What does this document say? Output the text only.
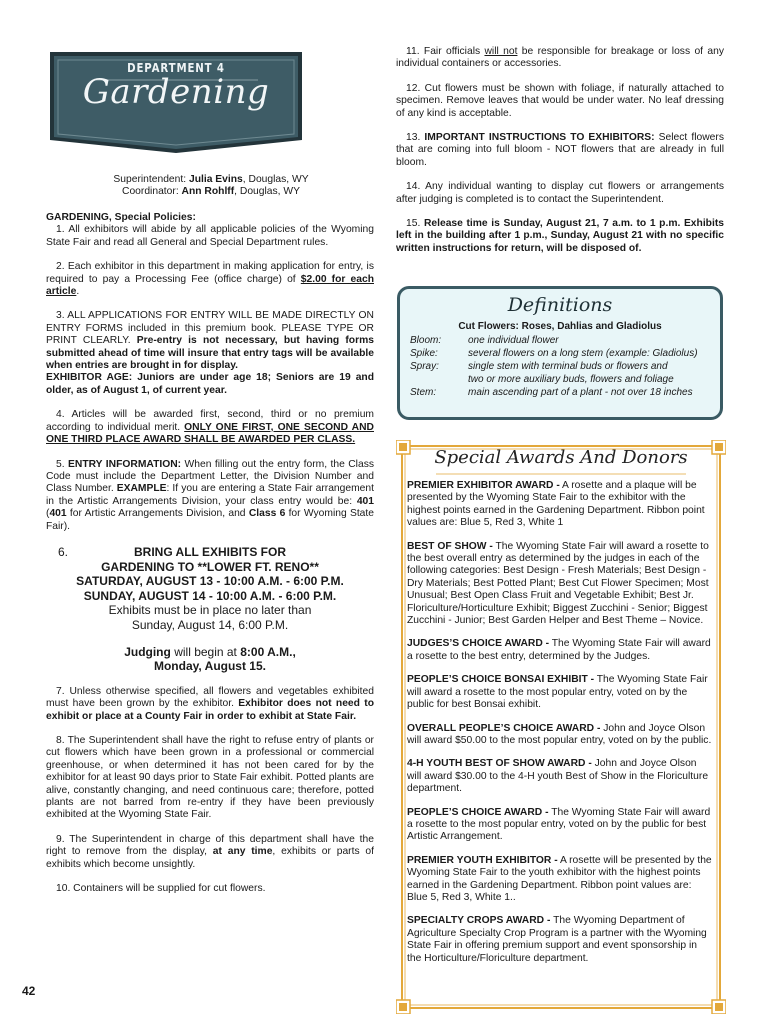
DEPARTMENT 4
Gardening

Superintendent: Julia Evins, Douglas, WY

Coordinator: Ann Rohlff, Douglas, WY

GARDENING, Special Policies:

1. All exhibitors will abide by all applicable policies of the Wyoming State Fair and read all General and Special Department rules.

2. Each exhibitor in this department in making application for entry, is required to pay a Processing Fee (office charge) of $2.00 for each article.

3. ALL APPLICATIONS FOR ENTRY WILL BE MADE DIRECTLY ON ENTRY FORMS included in this premium book. PLEASE TYPE OR PRINT CLEARLY. Pre-entry is not necessary, but having forms submitted ahead of time will insure that entry tags will be available when entries are brought in for display.
EXHIBITOR AGE: Juniors are under age 18; Seniors are 19 and older, as of August 1, of current year.

4. Articles will be awarded first, second, third or no premium according to individual merit. ONLY ONE FIRST, ONE SECOND AND ONE THIRD PLACE AWARD SHALL BE AWARDED PER CLASS.

5. ENTRY INFORMATION: When filling out the entry form, the Class Code must include the Department Letter, the Division Number and Class Number. EXAMPLE: If you are entering a State Fair arrangement in the Artistic Arrangements Division, your class entry would be: 401 (401 for Artistic Arrangements Division, and Class 6 for Wyoming State Fair).

6.	BRING ALL EXHIBITS FOR
GARDENING TO **LOWER FT. RENO**
SATURDAY, AUGUST 13 - 10:00 A.M. - 6:00 P.M.
SUNDAY, AUGUST 14 - 10:00 A.M. - 6:00 P.M.
Exhibits must be in place no later than
Sunday, August 14, 6:00 P.M.
Judging will begin at 8:00 A.M.,
Monday, August 15.

7. Unless otherwise specified, all flowers and vegetables exhibited must have been grown by the exhibitor. Exhibitor does not need to exhibit or place at a County Fair in order to exhibit at State Fair.

8. The Superintendent shall have the right to refuse entry of plants or cut flowers which have been grown in a professional or commercial greenhouse, or when determined it has not been cared for by the exhibitor for at least 90 days prior to State Fair exhibit. Potted plants are alive, constantly changing, and need continuous care; therefore, potted plants are not barred from re-entry if they have been previously exhibited at the Wyoming State Fair.

9. The Superintendent in charge of this department shall have the right to remove from the display, at any time, exhibits or parts of exhibits which become unsightly.

10. Containers will be supplied for cut flowers.

11. Fair officials will not be responsible for breakage or loss of any individual containers or accessories.

12. Cut flowers must be shown with foliage, if naturally attached to specimen. Remove leaves that would be under water. No leaf dressing of any kind is acceptable.

13. IMPORTANT INSTRUCTIONS TO EXHIBITORS: Select flowers that are coming into full bloom - NOT flowers that are already in full bloom.

14. Any individual wanting to display cut flowers or arrangements after judging is completed is to contact the Superintendent.

15. Release time is Sunday, August 21, 7 a.m. to 1 p.m. Exhibits left in the building after 1 p.m., Sunday, August 21 with no specific written instructions for return, will be disposed of.

Definitions
Cut Flowers: Roses, Dahlias and Gladiolus
Bloom:	one individual flower
Spike:	several flowers on a long stem (example: Gladiolus)
Spray:	single stem with terminal buds or flowers and
two or more auxiliary buds, flowers and foliage
Stem:	main ascending part of a plant - not over 18 inches
Special Awards And Donors

PREMIER EXHIBITOR AWARD - A rosette and a plaque will be presented by the Wyoming State Fair to the exhibitor with the highest points earned in the Gardening Department. Ribbon point values are: Blue 5, Red 3, White 1

BEST OF SHOW - The Wyoming State Fair will award a rosette to the best overall entry as determined by the judges in each of the following categories: Best Design - Fresh Materials; Best Design - Dry Materials; Best Potted Plant; Best Cut Flower Specimen; Most Unusual; Best Open Class Fruit and Vegetable Exhibit; Best Jr. Floriculture/Horticulture Exhibit; Biggest Zucchini - Senior; Biggest Zucchini - Junior; Best Garden Helper and Best Theme – Novice.

JUDGES’S CHOICE AWARD - The Wyoming State Fair will award a rosette to the best entry, determined by the Judges.

PEOPLE’S CHOICE BONSAI EXHIBIT - The Wyoming State Fair will award a rosette to the most popular entry, voted on by the public for best Bonsai exhibit.

OVERALL PEOPLE’S CHOICE AWARD - John and Joyce Olson will award $50.00 to the most popular entry, voted on by the public.

4-H YOUTH BEST OF SHOW AWARD - John and Joyce Olson will award $30.00 to the 4-H youth Best of Show in the Floriculture department.

PEOPLE’S CHOICE AWARD - The Wyoming State Fair will award a rosette to the most popular entry, voted on by the public for best Artistic Arrangement.

PREMIER YOUTH EXHIBITOR - A rosette will be presented by the Wyoming State Fair to the youth exhibitor with the highest points earned in the Gardening Department. Ribbon point values are: Blue 5, Red 3, White 1..

SPECIALTY CROPS AWARD - The Wyoming Department of Agriculture Specialty Crop Program is a partner with the Wyoming State Fair in offering premium support and event sponsorship in the Horticulture/Floriculture department.

42
